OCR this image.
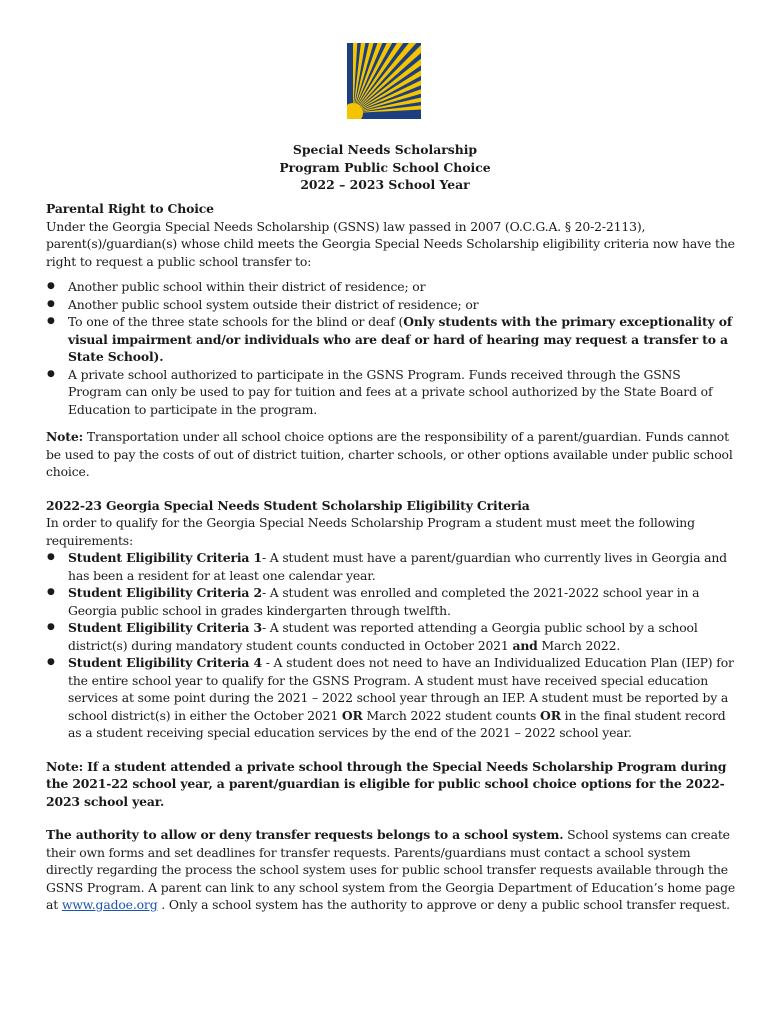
Special Needs Scholarship
Program Public School Choice
2022 – 2023 School Year

Parental Right to Choice

Under the Georgia Special Needs Scholarship (GSNS) law passed in 2007 (O.C.G.A. § 20-2-2113), parent(s)/guardian(s) whose child meets the Georgia Special Needs Scholarship eligibility criteria now have the right to request a public school transfer to:

● Another public school within their district of residence; or
● Another public school system outside their district of residence; or
● To one of the three state schools for the blind or deaf (Only students with the primary exceptionality of visual impairment and/or individuals who are deaf or hard of hearing may request a transfer to a State School).
● A private school authorized to participate in the GSNS Program. Funds received through the GSNS Program can only be used to pay for tuition and fees at a private school authorized by the State Board of Education to participate in the program.

Note: Transportation under all school choice options are the responsibility of a parent/guardian. Funds cannot be used to pay the costs of out of district tuition, charter schools, or other options available under public school choice.

2022-23 Georgia Special Needs Student Scholarship Eligibility Criteria

In order to qualify for the Georgia Special Needs Scholarship Program a student must meet the following requirements:

● Student Eligibility Criteria 1- A student must have a parent/guardian who currently lives in Georgia and has been a resident for at least one calendar year.
● Student Eligibility Criteria 2- A student was enrolled and completed the 2021-2022 school year in a Georgia public school in grades kindergarten through twelfth.
● Student Eligibility Criteria 3- A student was reported attending a Georgia public school by a school district(s) during mandatory student counts conducted in October 2021 and March 2022.
● Student Eligibility Criteria 4 - A student does not need to have an Individualized Education Plan (IEP) for the entire school year to qualify for the GSNS Program. A student must have received special education services at some point during the 2021 – 2022 school year through an IEP. A student must be reported by a school district(s) in either the October 2021 OR March 2022 student counts OR in the final student record as a student receiving special education services by the end of the 2021 – 2022 school year.

Note: If a student attended a private school through the Special Needs Scholarship Program during the 2021-22 school year, a parent/guardian is eligible for public school choice options for the 2022-2023 school year.

The authority to allow or deny transfer requests belongs to a school system. School systems can create their own forms and set deadlines for transfer requests. Parents/guardians must contact a school system directly regarding the process the school system uses for public school transfer requests available through the GSNS Program. A parent can link to any school system from the Georgia Department of Education’s home page at www.gadoe.org . Only a school system has the authority to approve or deny a public school transfer request.
